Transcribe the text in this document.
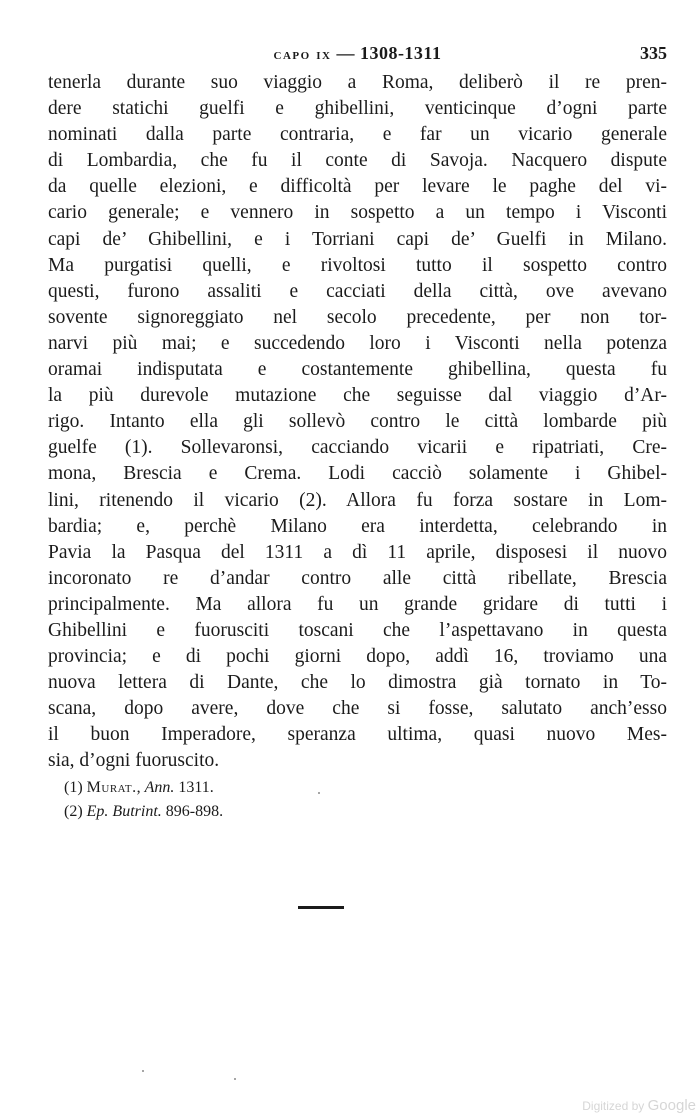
capo ix — 1308-1311	335
tenerla durante suo viaggio a Roma, deliberò il re pren-
dere statichi guelfi e ghibellini, venticinque d’ogni parte
nominati dalla parte contraria, e far un vicario generale
di Lombardia, che fu il conte di Savoja. Nacquero dispute
da quelle elezioni, e difficoltà per levare le paghe del vi-
cario generale; e vennero in sospetto a un tempo i Visconti
capi de’ Ghibellini, e i Torriani capi de’ Guelfi in Milano.
Ma purgatisi quelli, e rivoltosi tutto il sospetto contro
questi, furono assaliti e cacciati della città, ove avevano
sovente signoreggiato nel secolo precedente, per non tor-
narvi più mai; e succedendo loro i Visconti nella potenza
oramai indisputata e costantemente ghibellina, questa fu
la più durevole mutazione che seguisse dal viaggio d’Ar-
rigo. Intanto ella gli sollevò contro le città lombarde più
guelfe (1). Sollevaronsi, cacciando vicarii e ripatriati, Cre-
mona, Brescia e Crema. Lodi cacciò solamente i Ghibel-
lini, ritenendo il vicario (2). Allora fu forza sostare in Lom-
bardia; e, perchè Milano era interdetta, celebrando in
Pavia la Pasqua del 1311 a dì 11 aprile, disposesi il nuovo
incoronato re d’andar contro alle città ribellate, Brescia
principalmente. Ma allora fu un grande gridare di tutti i
Ghibellini e fuorusciti toscani che l’aspettavano in questa
provincia; e di pochi giorni dopo, addì 16, troviamo una
nuova lettera di Dante, che lo dimostra già tornato in To-
scana, dopo avere, dove che si fosse, salutato anch’esso
il buon Imperadore, speranza ultima, quasi nuovo Mes-
sia, d’ogni fuoruscito.
(1) Murat., Ann. 1311.
(2) Ep. Butrint. 896-898.
Digitized by Google
